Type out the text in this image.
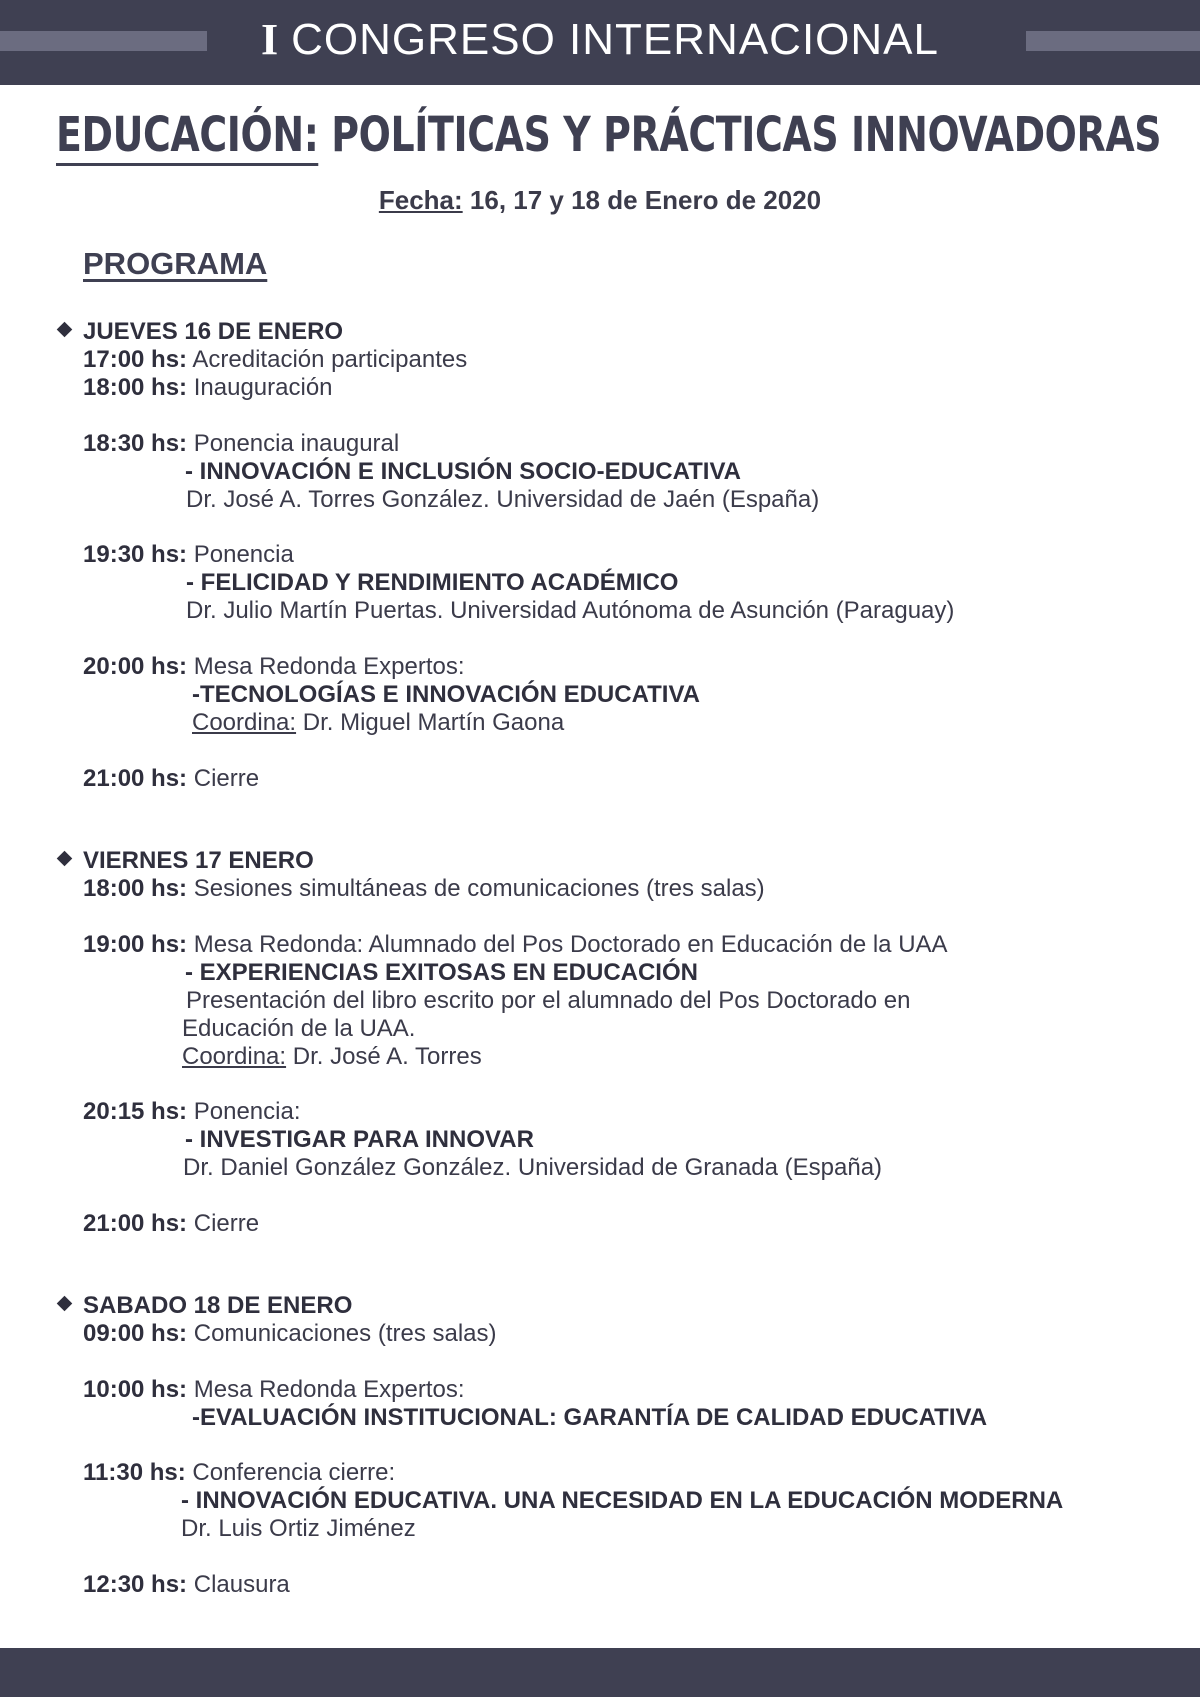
I CONGRESO INTERNACIONAL
EDUCACIÓN: POLÍTICAS Y PRÁCTICAS INNOVADORAS
Fecha: 16, 17 y 18 de Enero de 2020
PROGRAMA
JUEVES 16 DE ENERO
17:00 hs: Acreditación participantes
18:00 hs: Inauguración
18:30 hs: Ponencia inaugural
- INNOVACIÓN E INCLUSIÓN SOCIO-EDUCATIVA
Dr. José A. Torres González. Universidad de Jaén (España)
19:30 hs: Ponencia
- FELICIDAD Y RENDIMIENTO ACADÉMICO
Dr. Julio Martín Puertas. Universidad Autónoma de Asunción (Paraguay)
20:00 hs: Mesa Redonda Expertos:
-TECNOLOGÍAS E INNOVACIÓN EDUCATIVA
Coordina: Dr. Miguel Martín Gaona
21:00 hs: Cierre
VIERNES 17 ENERO
18:00 hs: Sesiones simultáneas de comunicaciones (tres salas)
19:00 hs: Mesa Redonda: Alumnado del Pos Doctorado en Educación de la UAA
- EXPERIENCIAS EXITOSAS EN EDUCACIÓN
Presentación del libro escrito por el alumnado del Pos Doctorado en
Educación de la UAA.
Coordina: Dr. José A. Torres
20:15 hs: Ponencia:
- INVESTIGAR PARA INNOVAR
Dr. Daniel González González. Universidad de Granada (España)
21:00 hs: Cierre
SABADO 18 DE ENERO
09:00 hs: Comunicaciones (tres salas)
10:00 hs: Mesa Redonda Expertos:
-EVALUACIÓN INSTITUCIONAL: GARANTÍA DE CALIDAD EDUCATIVA
11:30 hs: Conferencia cierre:
- INNOVACIÓN EDUCATIVA. UNA NECESIDAD EN LA EDUCACIÓN MODERNA
Dr. Luis Ortiz Jiménez
12:30 hs: Clausura
